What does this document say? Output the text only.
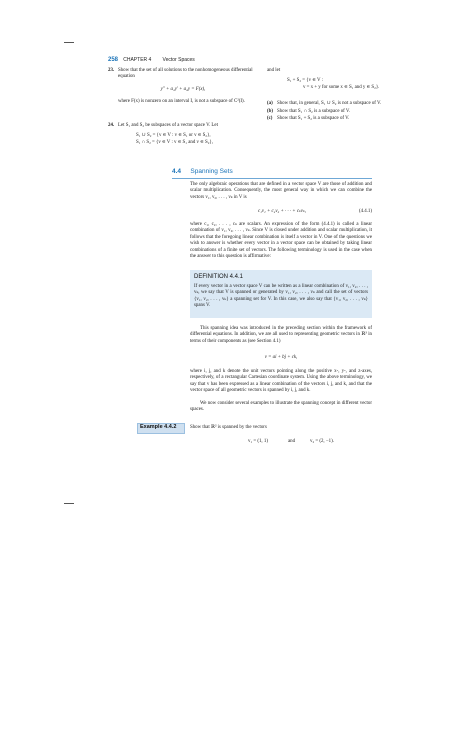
258 CHAPTER 4 Vector Spaces
23. Show that the set of all solutions to the nonhomogeneous differential equation
y″ + a₁y′ + a₂y = F(x),
where F(x) is nonzero on an interval I, is not a subspace of C²(I).
24. Let S₁ and S₂ be subspaces of a vector space V. Let
S₁ ∪ S₂ = {v ∈ V : v ∈ S₁ or v ∈ S₂},
S₁ ∩ S₂ = {v ∈ V : v ∈ S₁ and v ∈ S₂},
and let
S₁ + S₂ = {v ∈ V :
v = x + y for some x ∈ S₁ and y ∈ S₂}.
(a) Show that, in general, S₁ ∪ S₂ is not a subspace of V.
(b) Show that S₁ ∩ S₂ is a subspace of V.
(c) Show that S₁ + S₂ is a subspace of V.
4.4 Spanning Sets
The only algebraic operations that are defined in a vector space V are those of addition and scalar multiplication. Consequently, the most general way in which we can combine the vectors v₁, v₂, . . . , vₖ in V is
c₁v₁ + c₂v₂ + · · · + cₖvₖ,	(4.4.1)
where c₁, c₂, . . . , cₖ are scalars. An expression of the form (4.4.1) is called a linear combination of v₁, v₂, . . . , vₖ. Since V is closed under addition and scalar multiplication, it follows that the foregoing linear combination is itself a vector in V. One of the questions we wish to answer is whether every vector in a vector space can be obtained by taking linear combinations of a finite set of vectors. The following terminology is used in the case when the answer to this question is affirmative:
DEFINITION 4.4.1
If every vector in a vector space V can be written as a linear combination of v₁, v₂, . . . , vₖ, we say that V is spanned or generated by v₁, v₂, . . . , vₖ and call the set of vectors {v₁, v₂, . . . , vₖ} a spanning set for V. In this case, we also say that {v₁, v₂, . . . , vₖ} spans V.
This spanning idea was introduced in the preceding section within the framework of differential equations. In addition, we are all used to representing geometric vectors in ℝ³ in terms of their components as (see Section 4.1)
v = ai + bj + ck,
where i, j, and k denote the unit vectors pointing along the positive x-, y-, and z-axes, respectively, of a rectangular Cartesian coordinate system. Using the above terminology, we say that v has been expressed as a linear combination of the vectors i, j, and k, and that the vector space of all geometric vectors is spanned by i, j, and k.
We now consider several examples to illustrate the spanning concept in different vector spaces.
Example 4.4.2	Show that ℝ² is spanned by the vectors
v₁ = (1, 1)	and	v₂ = (2, −1).
